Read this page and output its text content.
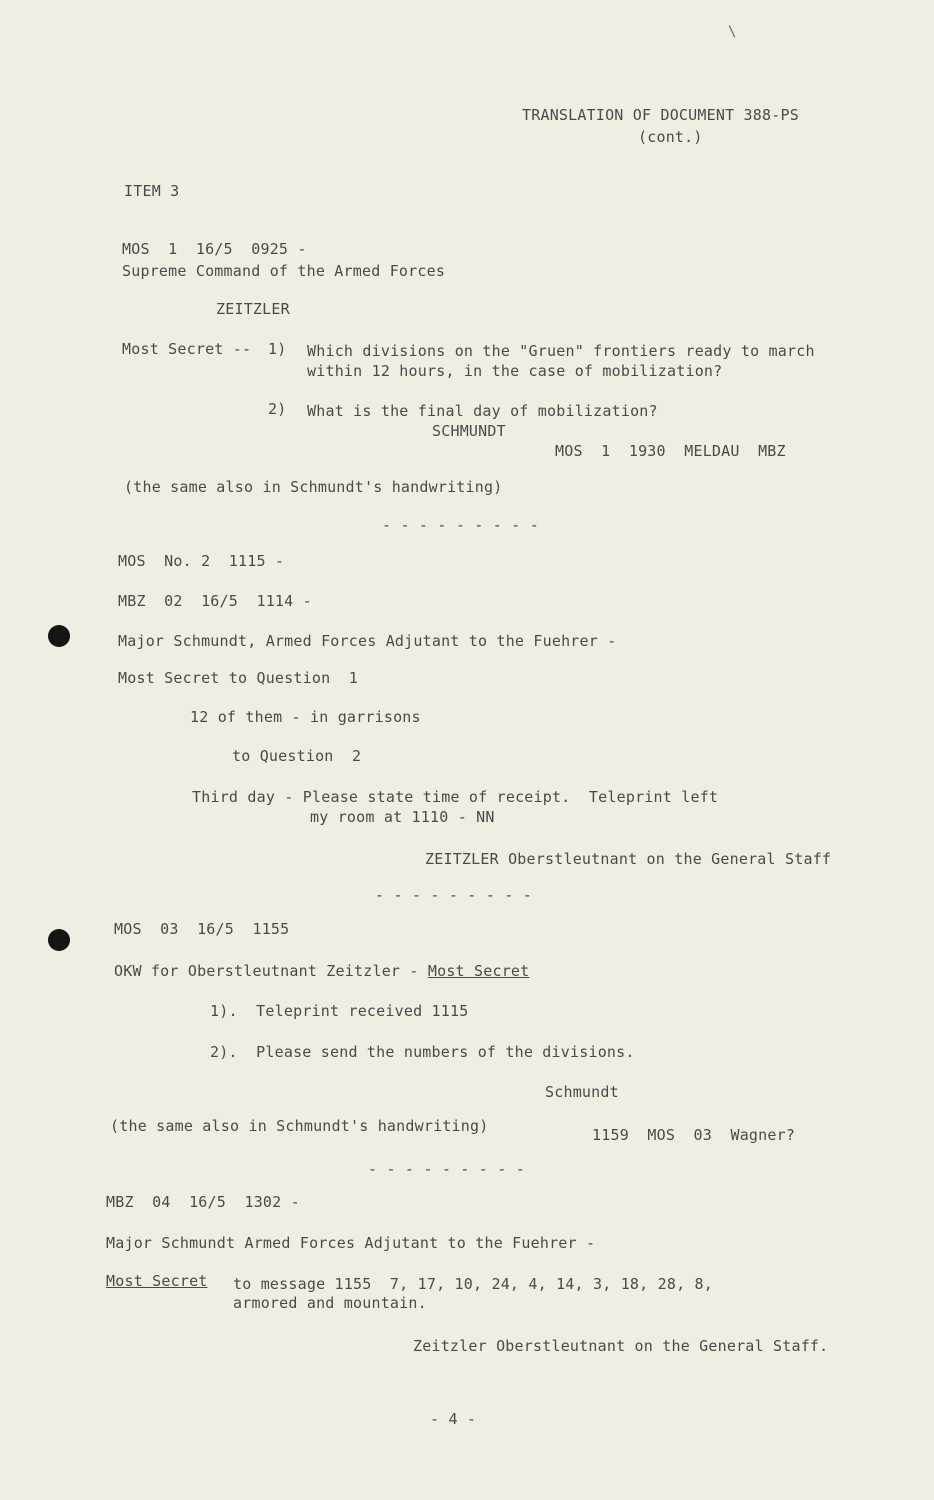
\
TRANSLATION OF DOCUMENT 388-PS
(cont.)
ITEM 3
MOS  1  16/5  0925 -
Supreme Command of the Armed Forces
ZEITZLER
Most Secret -- 1) Which divisions on the "Gruen" frontiers ready to march
within 12 hours, in the case of mobilization?
2) What is the final day of mobilization?
SCHMUNDT
MOS  1  1930  MELDAU  MBZ
(the same also in Schmundt's handwriting)
- - - - - - - - -
MOS  No. 2  1115 -
MBZ  02  16/5  1114 -
Major Schmundt, Armed Forces Adjutant to the Fuehrer -
Most Secret to Question  1
12 of them - in garrisons
to Question  2
Third day - Please state time of receipt.  Teleprint left
my room at 1110 - NN
ZEITZLER Oberstleutnant on the General Staff
- - - - - - - - -
MOS  03  16/5  1155
OKW for Oberstleutnant Zeitzler - Most Secret
1).  Teleprint received 1115
2).  Please send the numbers of the divisions.
Schmundt
(the same also in Schmundt's handwriting)	1159  MOS  03  Wagner?
- - - - - - - - -
MBZ  04  16/5  1302 -
Major Schmundt Armed Forces Adjutant to the Fuehrer -
Most Secret to message 1155  7, 17, 10, 24, 4, 14, 3, 18, 28, 8,
armored and mountain.
Zeitzler Oberstleutnant on the General Staff.
- 4 -
